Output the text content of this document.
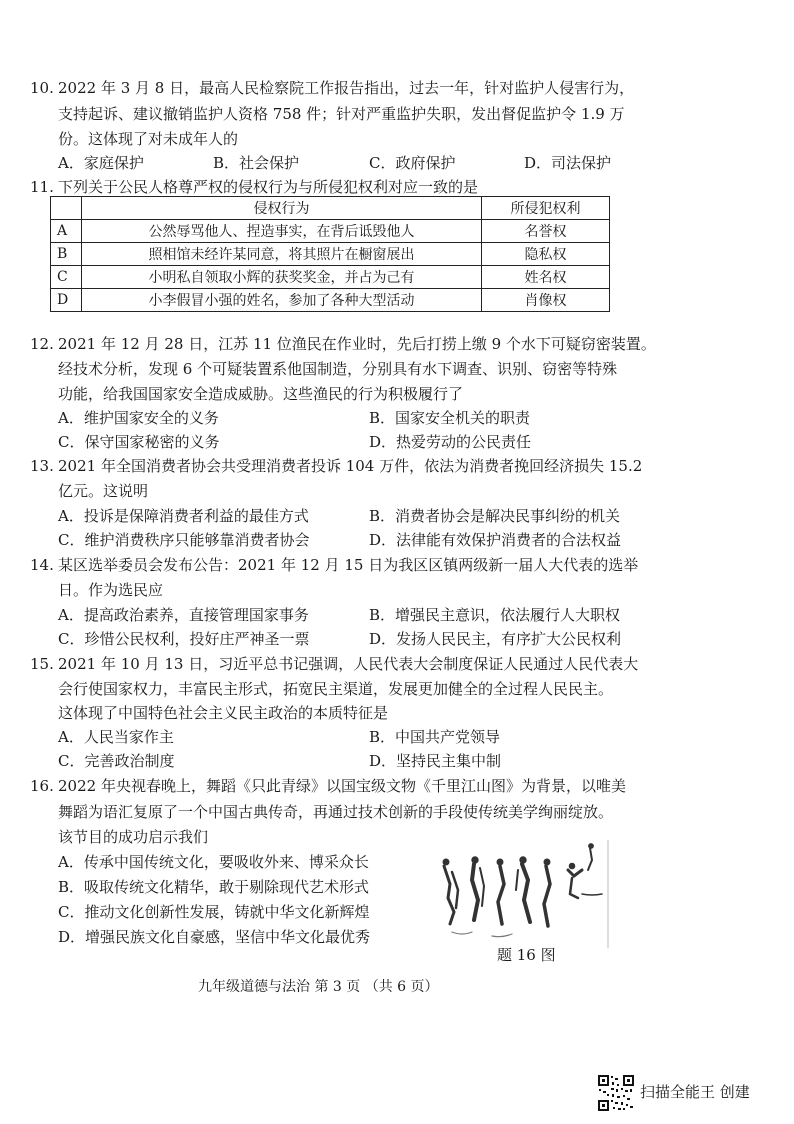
10. 2022 年 3 月 8 日，最高人民检察院工作报告指出，过去一年，针对监护人侵害行为，
支持起诉、建议撤销监护人资格 758 件；针对严重监护失职，发出督促监护令 1.9 万
份。这体现了对未成年人的
A．家庭保护	B．社会保护	C．政府保护	D．司法保护
11. 下列关于公民人格尊严权的侵权行为与所侵犯权利对应一致的是
	侵权行为	所侵犯权利
A	公然辱骂他人、捏造事实，在背后诋毁他人	名誉权
B	照相馆未经许某同意，将其照片在橱窗展出	隐私权
C	小明私自领取小辉的获奖奖金，并占为己有	姓名权
D	小李假冒小强的姓名，参加了各种大型活动	肖像权
12. 2021 年 12 月 28 日，江苏 11 位渔民在作业时，先后打捞上缴 9 个水下可疑窃密装置。
经技术分析，发现 6 个可疑装置系他国制造，分别具有水下调查、识别、窃密等特殊
功能，给我国国家安全造成威胁。这些渔民的行为积极履行了
A．维护国家安全的义务	B．国家安全机关的职责
C．保守国家秘密的义务	D．热爱劳动的公民责任
13. 2021 年全国消费者协会共受理消费者投诉 104 万件，依法为消费者挽回经济损失 15.2
亿元。这说明
A．投诉是保障消费者利益的最佳方式	B．消费者协会是解决民事纠纷的机关
C．维护消费秩序只能够靠消费者协会	D．法律能有效保护消费者的合法权益
14. 某区选举委员会发布公告：2021 年 12 月 15 日为我区区镇两级新一届人大代表的选举
日。作为选民应
A．提高政治素养，直接管理国家事务	B．增强民主意识，依法履行人大职权
C．珍惜公民权利，投好庄严神圣一票	D．发扬人民民主，有序扩大公民权利
15. 2021 年 10 月 13 日，习近平总书记强调，人民代表大会制度保证人民通过人民代表大
会行使国家权力，丰富民主形式，拓宽民主渠道，发展更加健全的全过程人民民主。
这体现了中国特色社会主义民主政治的本质特征是
A．人民当家作主	B．中国共产党领导
C．完善政治制度	D．坚持民主集中制
16. 2022 年央视春晚上，舞蹈《只此青绿》以国宝级文物《千里江山图》为背景，以唯美
舞蹈为语汇复原了一个中国古典传奇，再通过技术创新的手段使传统美学绚丽绽放。
该节目的成功启示我们
A．传承中国传统文化，要吸收外来、博采众长
B．吸取传统文化精华，敢于剔除现代艺术形式
C．推动文化创新性发展，铸就中华文化新辉煌
D．增强民族文化自豪感，坚信中华文化最优秀
题 16 图
九年级道德与法治 第 3 页 （共 6 页）
扫描全能王 创建
